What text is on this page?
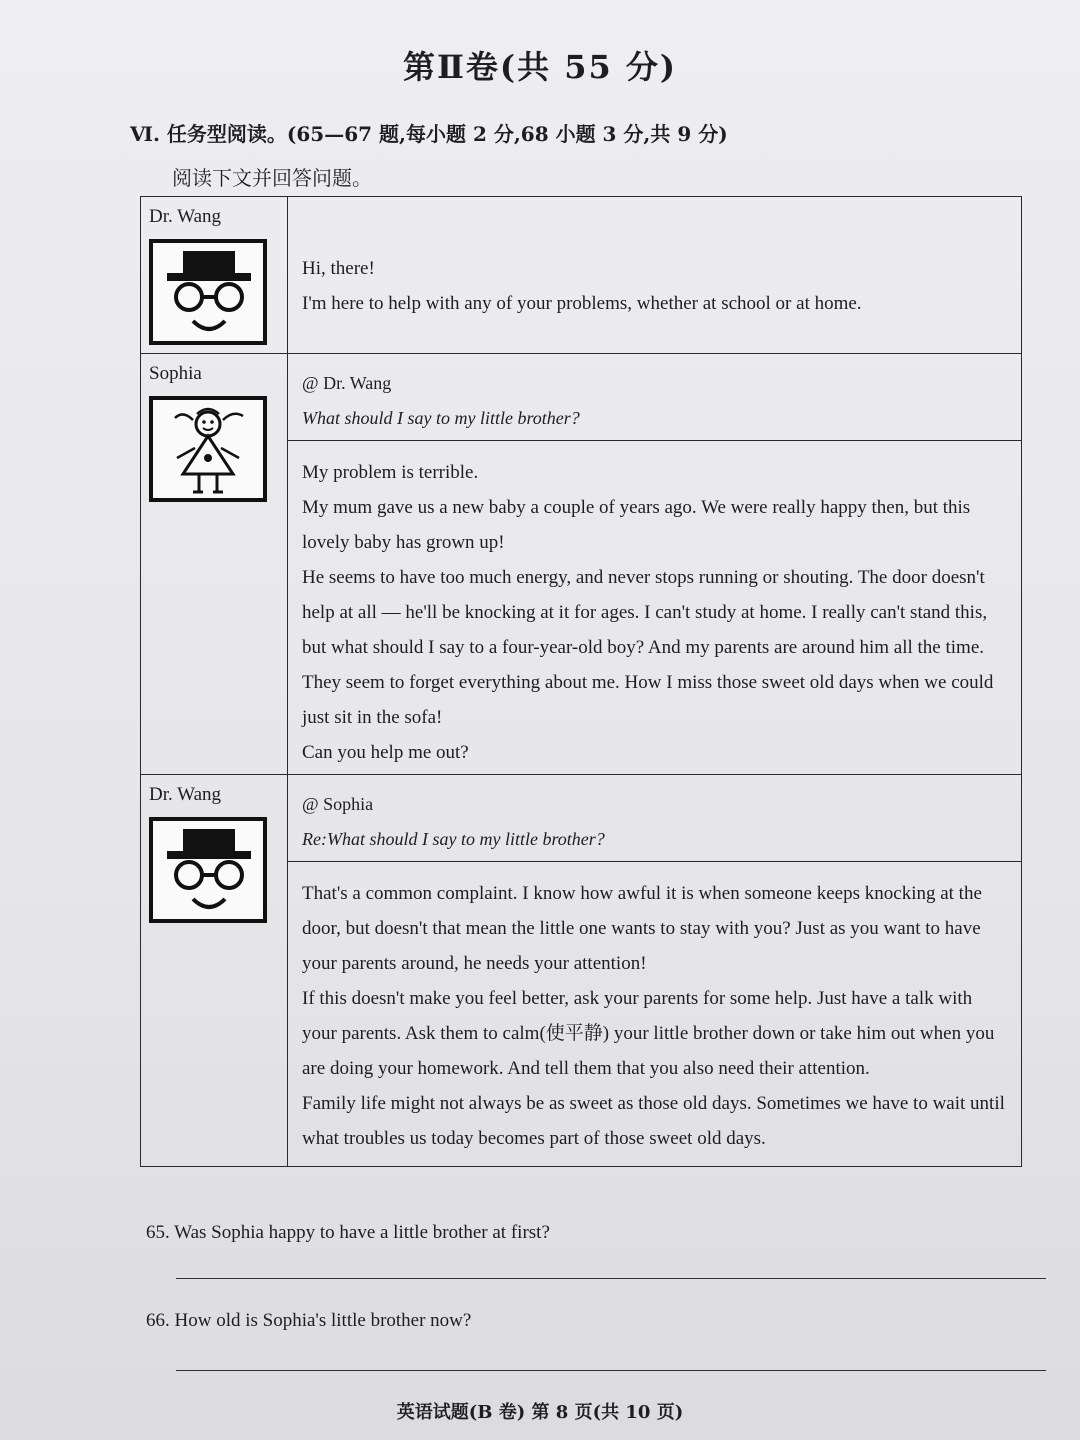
第Ⅱ卷(共 55 分)
Ⅵ. 任务型阅读。(65—67 题,每小题 2 分,68 小题 3 分,共 9 分)
阅读下文并回答问题。
Dr. Wang	Hi, there!

I'm here to help with any of your problems, whether at school or at home.

Sophia	@ Dr. Wang

What should I say to my little brother?

	My problem is terrible.

My mum gave us a new baby a couple of years ago. We were really happy then, but this lovely baby has grown up!

He seems to have too much energy, and never stops running or shouting. The door doesn't help at all — he'll be knocking at it for ages. I can't study at home. I really can't stand this, but what should I say to a four-year-old boy? And my parents are around him all the time. They seem to forget everything about me. How I miss those sweet old days when we could just sit in the sofa!

Can you help me out?

Dr. Wang	@ Sophia

Re:What should I say to my little brother?

	That's a common complaint. I know how awful it is when someone keeps knocking at the door, but doesn't that mean the little one wants to stay with you? Just as you want to have your parents around, he needs your attention!

If this doesn't make you feel better, ask your parents for some help. Just have a talk with your parents. Ask them to calm(使平静) your little brother down or take him out when you are doing your homework. And tell them that you also need their attention.

Family life might not always be as sweet as those old days. Sometimes we have to wait until what troubles us today becomes part of those sweet old days.

65. Was Sophia happy to have a little brother at first?
66. How old is Sophia's little brother now?
英语试题(B 卷) 第 8 页(共 10 页)
